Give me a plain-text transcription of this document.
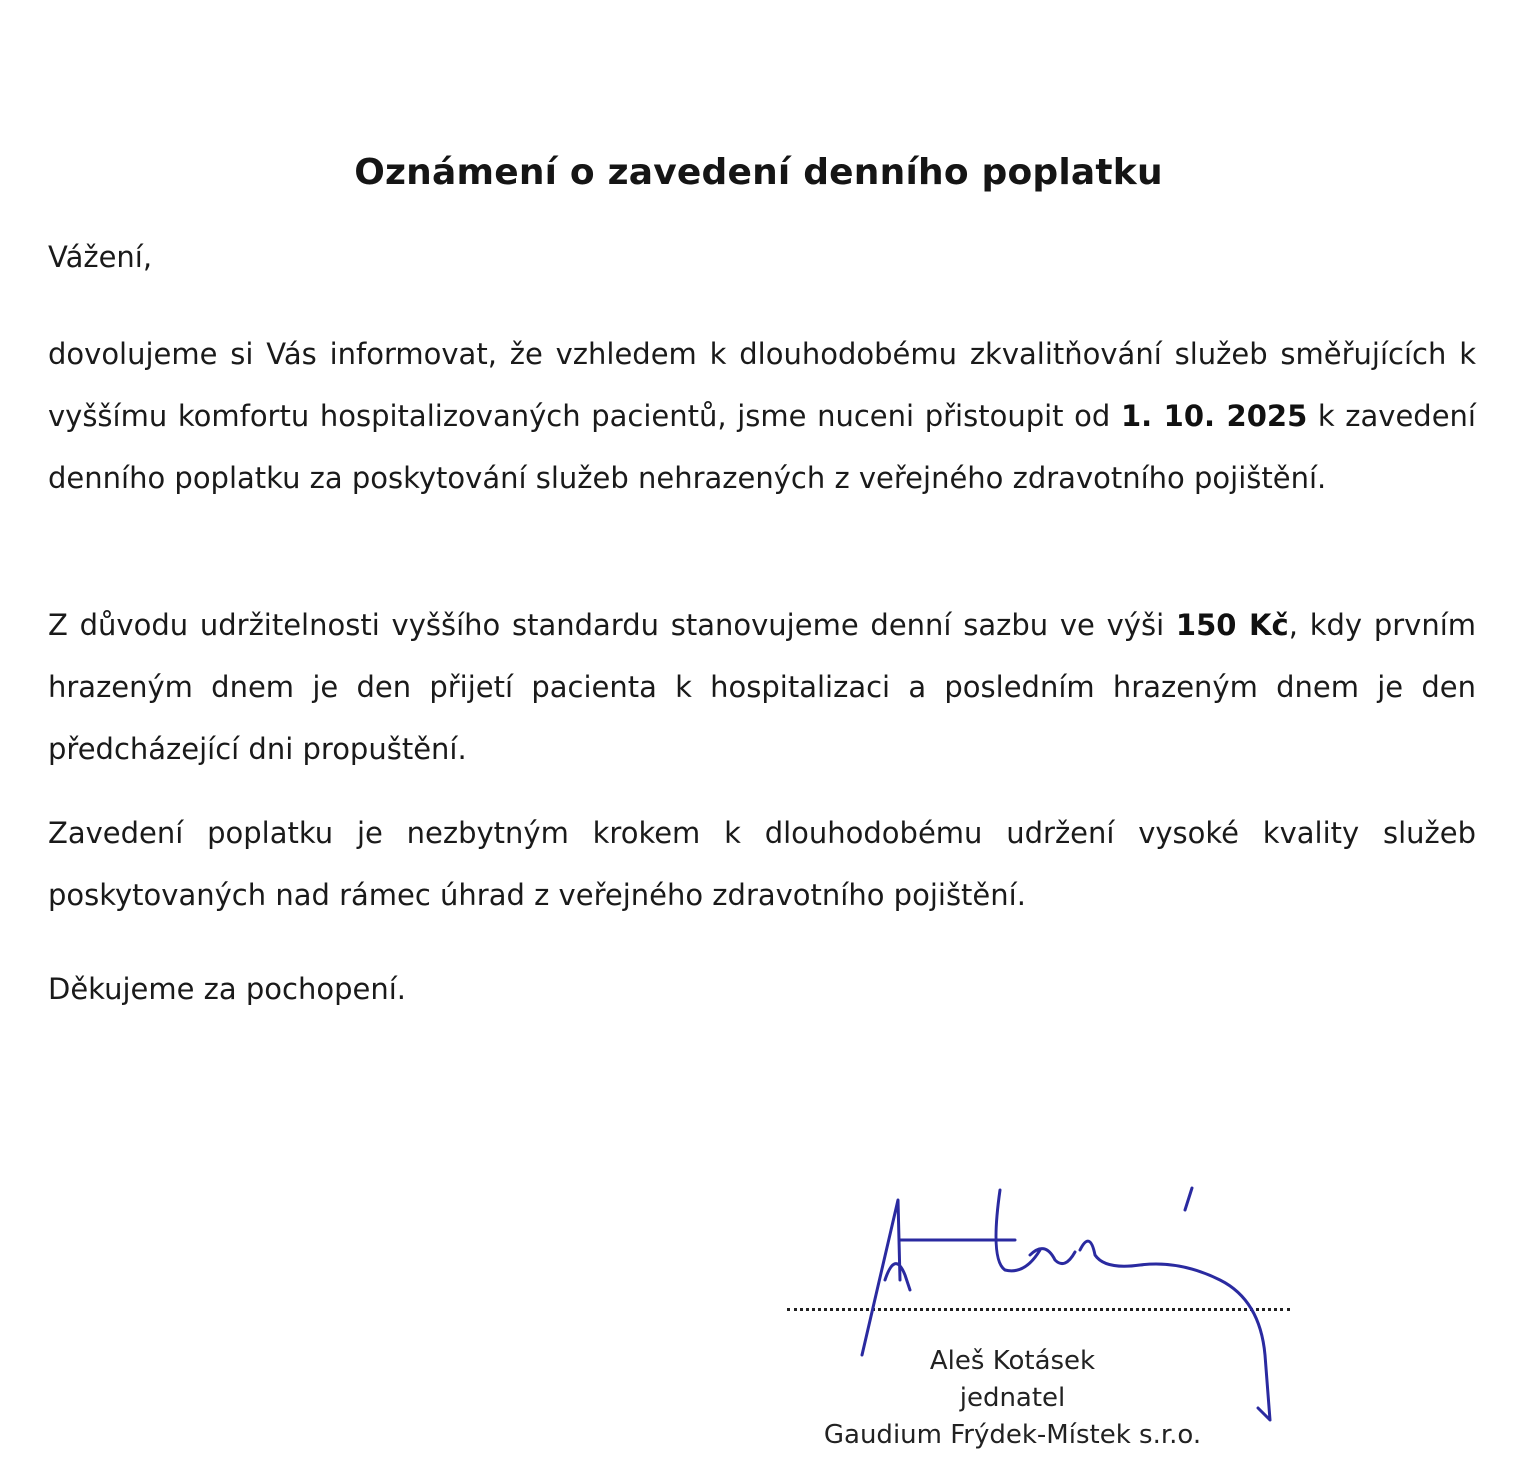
Oznámení o zavedení denního poplatku
Vážení,

dovolujeme si Vás informovat, že vzhledem k dlouhodobému zkvalitňování služeb směřujících k vyššímu komfortu hospitalizovaných pacientů, jsme nuceni přistoupit od 1. 10. 2025 k zavedení denního poplatku za poskytování služeb nehrazených z veřejného zdravotního pojištění.

Z důvodu udržitelnosti vyššího standardu stanovujeme denní sazbu ve výši 150 Kč, kdy prvním hrazeným dnem je den přijetí pacienta k hospitalizaci a posledním hrazeným dnem je den předcházející dni propuštění.

Zavedení poplatku je nezbytným krokem k dlouhodobému udržení vysoké kvality služeb poskytovaných nad rámec úhrad z veřejného zdravotního pojištění.

Děkujeme za pochopení.
Aleš Kotásek
jednatel
Gaudium Frýdek-Místek s.r.o.
